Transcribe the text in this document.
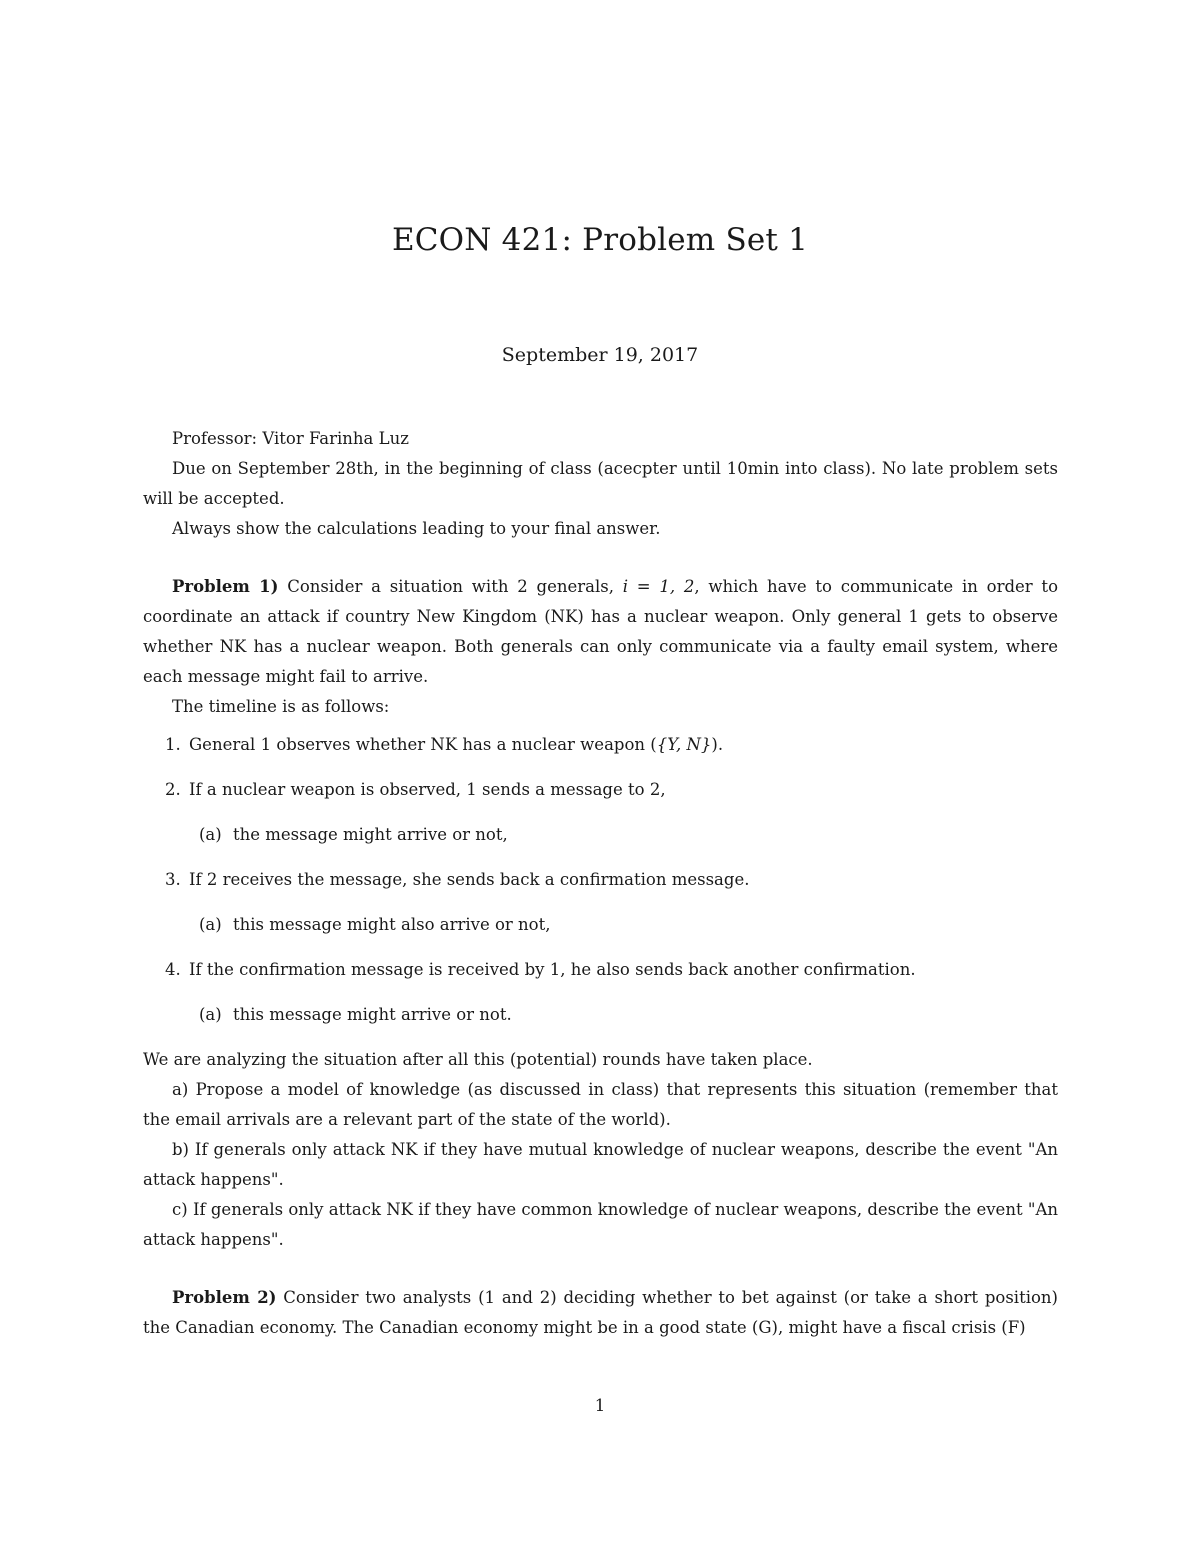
ECON 421: Problem Set 1
September 19, 2017

Professor: Vitor Farinha Luz

Due on September 28th, in the beginning of class (acecpter until 10min into class). No late problem sets will be accepted.

Always show the calculations leading to your final answer.

Problem 1) Consider a situation with 2 generals, i = 1, 2, which have to communicate in order to coordinate an attack if country New Kingdom (NK) has a nuclear weapon. Only general 1 gets to observe whether NK has a nuclear weapon. Both generals can only communicate via a faulty email system, where each message might fail to arrive.

The timeline is as follows:

1. General 1 observes whether NK has a nuclear weapon ({Y, N}).
2. If a nuclear weapon is observed, 1 sends a message to 2,
(a) the message might arrive or not,
3. If 2 receives the message, she sends back a confirmation message.
(a) this message might also arrive or not,
4. If the confirmation message is received by 1, he also sends back another confirmation.
(a) this message might arrive or not.

We are analyzing the situation after all this (potential) rounds have taken place.

a) Propose a model of knowledge (as discussed in class) that represents this situation (remember that the email arrivals are a relevant part of the state of the world).

b) If generals only attack NK if they have mutual knowledge of nuclear weapons, describe the event "An attack happens".

c) If generals only attack NK if they have common knowledge of nuclear weapons, describe the event "An attack happens".

Problem 2) Consider two analysts (1 and 2) deciding whether to bet against (or take a short position) the Canadian economy. The Canadian economy might be in a good state (G), might have a fiscal crisis (F)

1
